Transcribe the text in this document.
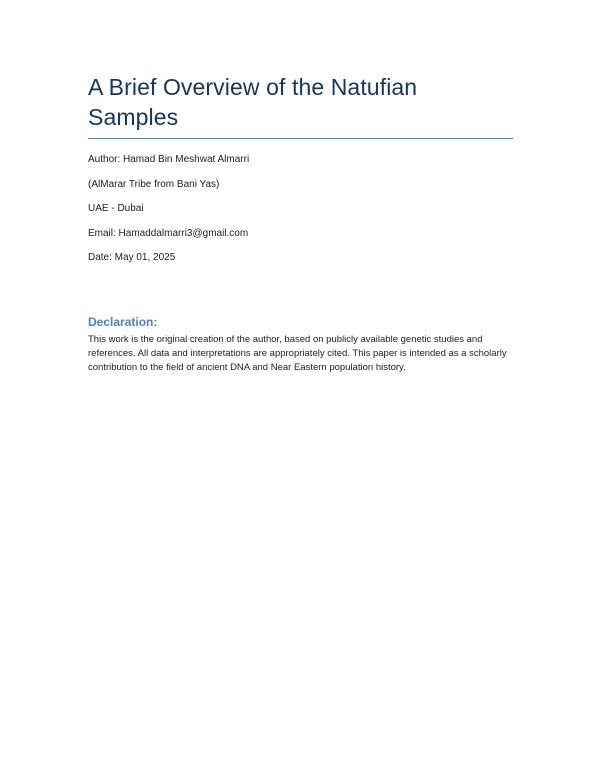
A Brief Overview of the Natufian Samples
Author: Hamad Bin Meshwat Almarri
(AlMarar Tribe from Bani Yas)
UAE - Dubai
Email: Hamaddalmarri3@gmail.com
Date: May 01, 2025
Declaration:

This work is the original creation of the author, based on publicly available genetic studies and references. All data and interpretations are appropriately cited. This paper is intended as a scholarly contribution to the field of ancient DNA and Near Eastern population history.
